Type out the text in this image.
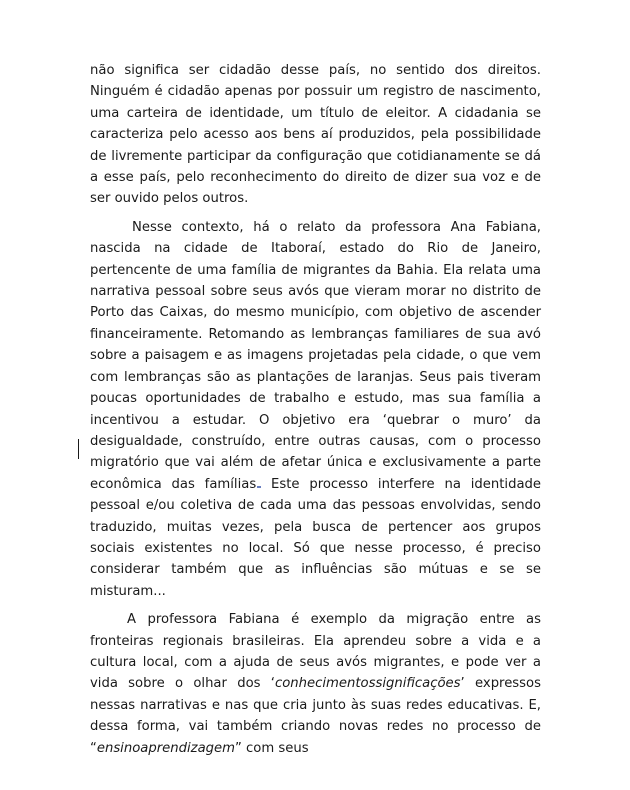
não significa ser cidadão desse país, no sentido dos direitos. Ninguém é cidadão apenas por possuir um registro de nascimento, uma carteira de identidade, um título de eleitor. A cidadania se caracteriza pelo acesso aos bens aí produzidos, pela possibilidade de livremente participar da configuração que cotidianamente se dá a esse país, pelo reconhecimento do direito de dizer sua voz e de ser ouvido pelos outros.

Nesse contexto, há o relato da professora Ana Fabiana, nascida na cidade de Itaboraí, estado do Rio de Janeiro, pertencente de uma família de migrantes da Bahia. Ela relata uma narrativa pessoal sobre seus avós que vieram morar no distrito de Porto das Caixas, do mesmo município, com objetivo de ascender financeiramente. Retomando as lembranças familiares de sua avó sobre a paisagem e as imagens projetadas pela cidade, o que vem com lembranças são as plantações de laranjas. Seus pais tiveram poucas oportunidades de trabalho e estudo, mas sua família a incentivou a estudar. O objetivo era ‘quebrar o muro’ da desigualdade, construído, entre outras causas, com o processo migratório que vai além de afetar única e exclusivamente a parte econômica das famílias Este processo interfere na identidade pessoal e/ou coletiva de cada uma das pessoas envolvidas, sendo traduzido, muitas vezes, pela busca de pertencer aos grupos sociais existentes no local. Só que nesse processo, é preciso considerar também que as influências são mútuas e se se misturam...

A professora Fabiana é exemplo da migração entre as fronteiras regionais brasileiras. Ela aprendeu sobre a vida e a cultura local, com a ajuda de seus avós migrantes, e pode ver a vida sobre o olhar dos ‘conhecimentossignificações’ expressos nessas narrativas e nas que cria junto às suas redes educativas. E, dessa forma, vai também criando novas redes no processo de “ensinoaprendizagem” com seus
